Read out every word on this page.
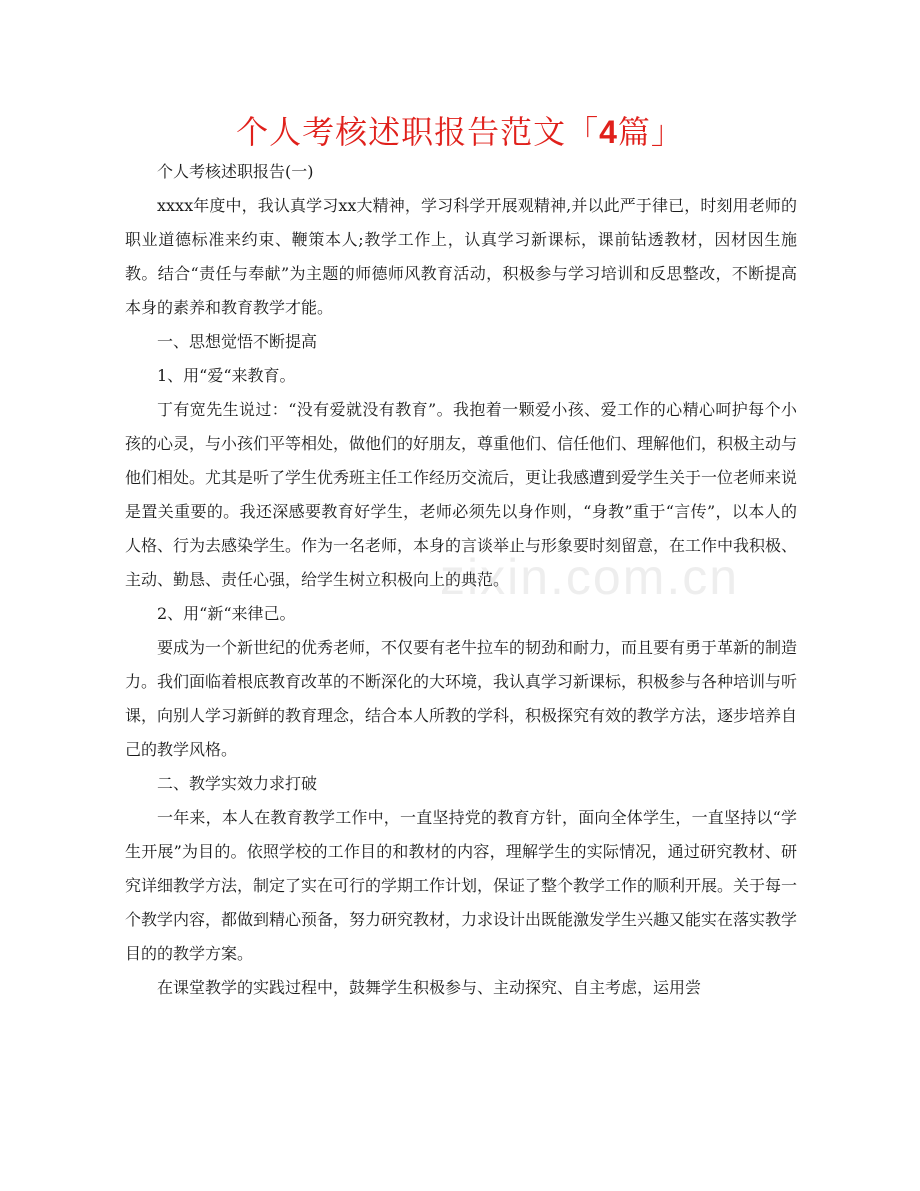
个人考核述职报告范文「4篇」

个人考核述职报告(一)

xxxx年度中，我认真学习xx大精神，学习科学开展观精神,并以此严于律已，时刻用老师的职业道德标准来约束、鞭策本人;教学工作上，认真学习新课标，课前钻透教材，因材因生施教。结合“责任与奉献”为主题的师德师风教育活动，积极参与学习培训和反思整改，不断提高本身的素养和教育教学才能。

一、思想觉悟不断提高

1、用“爱“来教育。

丁有宽先生说过：“没有爱就没有教育”。我抱着一颗爱小孩、爱工作的心精心呵护每个小孩的心灵，与小孩们平等相处，做他们的好朋友，尊重他们、信任他们、理解他们，积极主动与他们相处。尤其是听了学生优秀班主任工作经历交流后，更让我感遭到爱学生关于一位老师来说是置关重要的。我还深感要教育好学生，老师必须先以身作则，“身教”重于“言传”，以本人的人格、行为去感染学生。作为一名老师，本身的言谈举止与形象要时刻留意，在工作中我积极、主动、勤恳、责任心强，给学生树立积极向上的典范。

2、用“新“来律己。

要成为一个新世纪的优秀老师，不仅要有老牛拉车的韧劲和耐力，而且要有勇于革新的制造力。我们面临着根底教育改革的不断深化的大环境，我认真学习新课标，积极参与各种培训与听课，向别人学习新鲜的教育理念，结合本人所教的学科，积极探究有效的教学方法，逐步培养自己的教学风格。

二、教学实效力求打破

一年来，本人在教育教学工作中，一直坚持党的教育方针，面向全体学生，一直坚持以“学生开展”为目的。依照学校的工作目的和教材的内容，理解学生的实际情况，通过研究教材、研究详细教学方法，制定了实在可行的学期工作计划，保证了整个教学工作的顺利开展。关于每一个教学内容，都做到精心预备，努力研究教材，力求设计出既能激发学生兴趣又能实在落实教学目的的教学方案。

在课堂教学的实践过程中，鼓舞学生积极参与、主动探究、自主考虑，运用尝

zixin.com.cn
